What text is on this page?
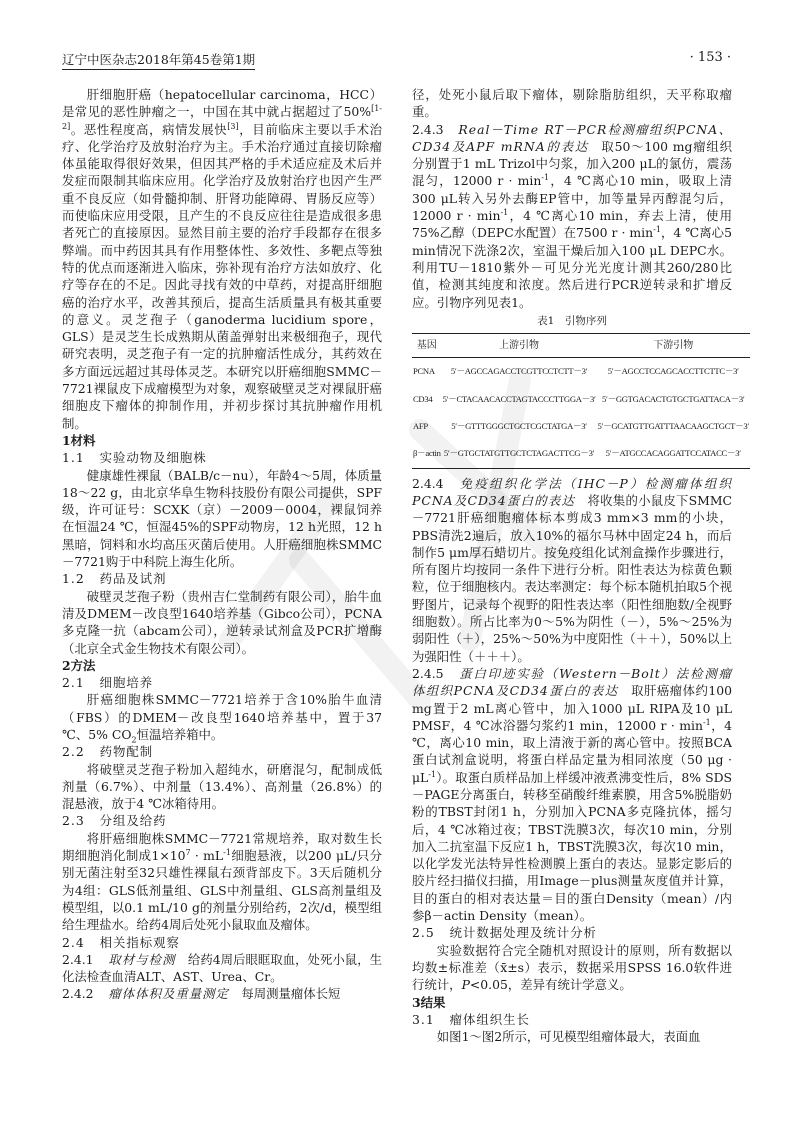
辽宁中医杂志2018年第45卷第1期	· 153 ·

肝细胞肝癌（hepatocellular carcinoma，HCC）是常见的恶性肿瘤之一，中国在其中就占据超过了50%[1-2]。恶性程度高，病情发展快[3]，目前临床主要以手术治疗、化学治疗及放射治疗为主。手术治疗通过直接切除瘤体虽能取得很好效果，但因其严格的手术适应症及术后并发症而限制其临床应用。化学治疗及放射治疗也因产生严重不良反应（如骨髓抑制、肝肾功能障碍、胃肠反应等）而使临床应用受限，且产生的不良反应往往是造成很多患者死亡的直接原因。显然目前主要的治疗手段都存在很多弊端。而中药因其具有作用整体性、多效性、多靶点等独特的优点而逐渐进入临床，弥补现有治疗方法如放疗、化疗等存在的不足。因此寻找有效的中草药，对提高肝细胞癌的治疗水平，改善其预后，提高生活质量具有极其重要的意义。灵芝孢子（ganoderma lucidium spore，GLS）是灵芝生长成熟期从菌盖弹射出来极细孢子，现代研究表明，灵芝孢子有一定的抗肿瘤活性成分，其药效在多方面远远超过其母体灵芝。本研究以肝癌细胞SMMC－7721裸鼠皮下成瘤模型为对象，观察破壁灵芝对裸鼠肝癌细胞皮下瘤体的抑制作用，并初步探讨其抗肿瘤作用机制。

1材料
1.1 实验动物及细胞株

健康雄性裸鼠（BALB/c－nu），年龄4～5周，体质量18～22 g，由北京华阜生物科技股份有限公司提供，SPF级，许可证号：SCXK（京）－2009－0004，裸鼠饲养在恒温24 ℃，恒湿45%的SPF动物房，12 h光照，12 h黑暗，饲料和水均高压灭菌后使用。人肝癌细胞株SMMC－7721购于中科院上海生化所。

1.2 药品及试剂

破壁灵芝孢子粉（贵州吉仁堂制药有限公司），胎牛血清及DMEM－改良型1640培养基（Gibco公司），PCNA多克隆一抗（abcam公司），逆转录试剂盒及PCR扩增酶（北京全式金生物技术有限公司）。

2方法
2.1 细胞培养

肝癌细胞株SMMC－7721培养于含10%胎牛血清（FBS）的DMEM－改良型1640培养基中，置于37 ℃、5% $CO_2$恒温培养箱中。

2.2 药物配制

将破壁灵芝孢子粉加入超纯水，研磨混匀，配制成低剂量（6.7%）、中剂量（13.4%）、高剂量（26.8%）的混悬液，放于4 ℃冰箱待用。

2.3 分组及给药

将肝癌细胞株SMMC－7721常规培养，取对数生长期细胞消化制成$1\times 10^7 \cdot mL^{-1}$细胞悬液，以200 μL/只分别无菌注射至32只雄性裸鼠右颈背部皮下。3天后随机分为4组：GLS低剂量组、GLS中剂量组、GLS高剂量组及模型组，以0.1 mL/10 g的剂量分别给药，2次/d，模型组给生理盐水。给药4周后处死小鼠取血及瘤体。

2.4 相关指标观察

2.4.1 取材与检测 给药4周后眼眶取血，处死小鼠，生化法检查血清ALT、AST、Urea、Cr。

2.4.2 瘤体体积及重量测定 每周测量瘤体长短

径，处死小鼠后取下瘤体，剔除脂肪组织，天平称取瘤重。

2.4.3 Real－Time RT－PCR检测瘤组织PCNA、CD34及APF mRNA的表达 取50～100 mg瘤组织分别置于1 mL Trizol中匀浆，加入200 μL的氯仿，震荡混匀，12000 $r \cdot \min^{-1}$，4 ℃离心10 min，吸取上清300 μL转入另外去酶EP管中，加等量异丙醇混匀后，12000 $r \cdot \min^{-1}$，4 ℃离心10 min，弃去上清，使用75%乙醇（DEPC水配置）在7500 $r \cdot \min^{-1}$，4 ℃离心5 min情况下洗涤2次，室温干燥后加入100 μL DEPC水。利用TU－1810紫外－可见分光光度计测其260/280比值，检测其纯度和浓度。然后进行PCR逆转录和扩增反应。引物序列见表1。

表1　引物序列
基因	上游引物	下游引物
PCNA	5′－AGCCAGACCTCGTTCCTCTT－3′	5′－AGCCTCCAGCACCTTCTTC－3′
CD34	5′－CTACAACACCTAGTACCCTTGGA－3′	5′－GGTGACACTGTGCTGATTACA－3′
AFP	5′－GTTTGGGCTGCTCGCTATGA－3′	5′－GCATGTTGATTTAACAAGCTGCT－3′
β－actin	5′－GTGCTATGTTGCTCTAGACTTCG－3′	5′－ATGCCACAGGATTCCATACC－3′

2.4.4 免疫组织化学法（IHC－P）检测瘤体组织PCNA及CD34蛋白的表达 将收集的小鼠皮下SMMC－7721肝癌细胞瘤体标本剪成3 mm×3 mm的小块，PBS清洗2遍后，放入10%的福尔马林中固定24 h，而后制作5 μm厚石蜡切片。按免疫组化试剂盒操作步骤进行，所有图片均按同一条件下进行分析。阳性表达为棕黄色颗粒，位于细胞核内。表达率测定：每个标本随机拍取5个视野图片，记录每个视野的阳性表达率（阳性细胞数/全视野细胞数）。所占比率为0～5%为阴性（－），5%～25%为弱阳性（＋），25%～50%为中度阳性（＋＋），50%以上为强阳性（＋＋＋）。

2.4.5 蛋白印迹实验（Western－Bolt）法检测瘤体组织PCNA及CD34蛋白的表达 取肝癌瘤体约100 mg置于2 mL离心管中，加入1000 μL RIPA及10 μL PMSF，4 ℃冰浴器匀浆约1 min，12000 $r \cdot \min^{-1}$，4 ℃，离心10 min，取上清液于新的离心管中。按照BCA蛋白试剂盒说明，将蛋白样品定量为相同浓度（50 $\mu g \cdot \mu L^{-1}$）。取蛋白质样品加上样缓冲液煮沸变性后，8% SDS－PAGE分离蛋白，转移至硝酸纤维素膜，用含5%脱脂奶粉的TBST封闭1 h，分别加入PCNA多克隆抗体，摇匀后，4 ℃冰箱过夜；TBST洗膜3次，每次10 min，分别加入二抗室温下反应1 h，TBST洗膜3次，每次10 min，以化学发光法特异性检测膜上蛋白的表达。显影定影后的胶片经扫描仪扫描，用Image－plus测量灰度值并计算，目的蛋白的相对表达量＝目的蛋白Density（mean）/内参β－actin Density（mean）。

2.5 统计数据处理及统计分析

实验数据符合完全随机对照设计的原则，所有数据以均数±标准差（x̄±s）表示，数据采用SPSS 16.0软件进行统计，P<0.05，差异有统计学意义。

3结果
3.1 瘤体组织生长

如图1～图2所示，可见模型组瘤体最大，表面血
